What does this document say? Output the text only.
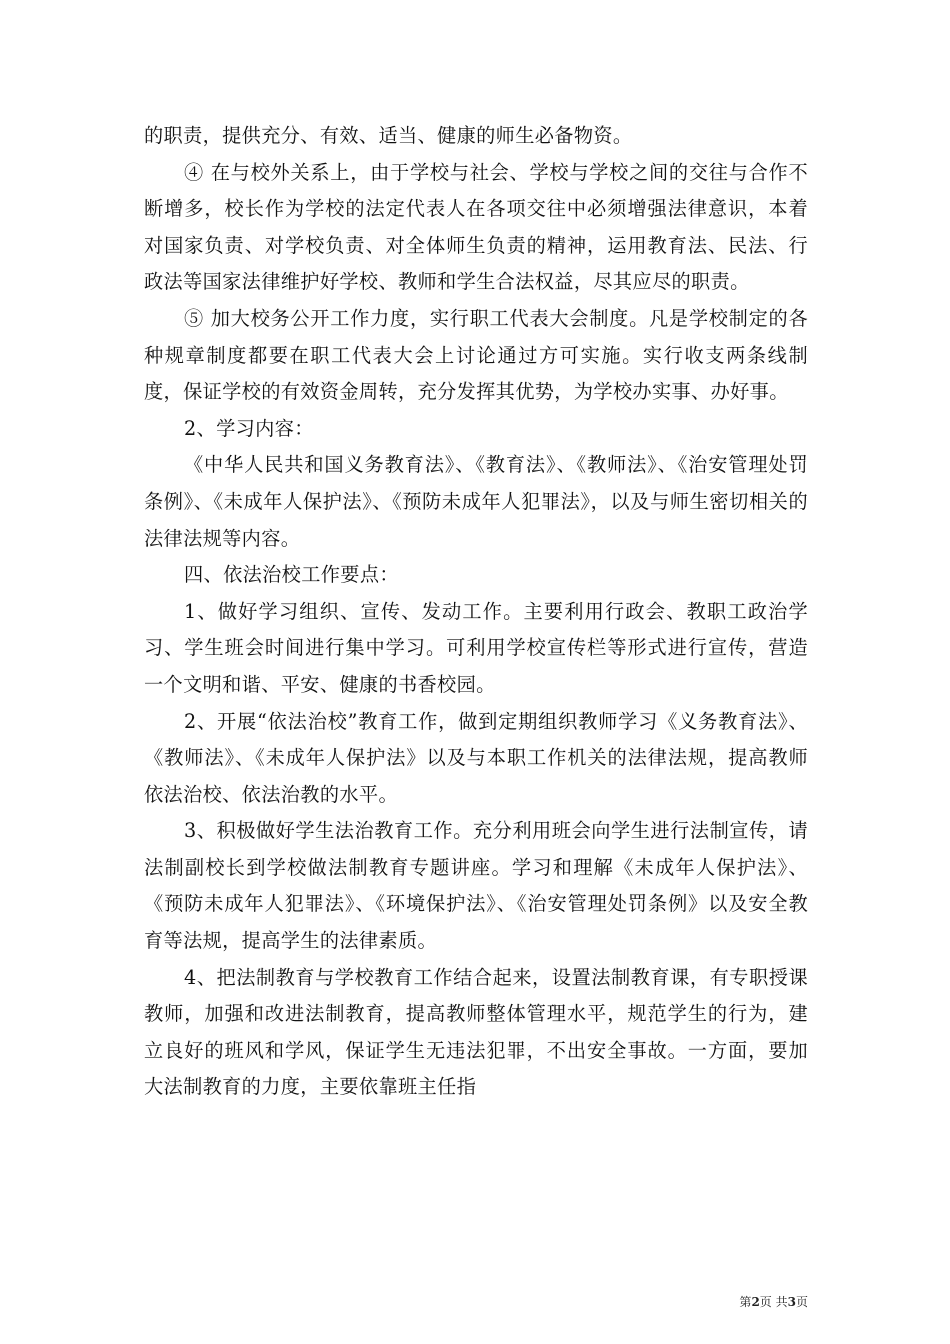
的职责，提供充分、有效、适当、健康的师生必备物资。

④ 在与校外关系上，由于学校与社会、学校与学校之间的交往与合作不断增多，校长作为学校的法定代表人在各项交往中必须增强法律意识，本着对国家负责、对学校负责、对全体师生负责的精神，运用教育法、民法、行政法等国家法律维护好学校、教师和学生合法权益，尽其应尽的职责。

⑤ 加大校务公开工作力度，实行职工代表大会制度。凡是学校制定的各种规章制度都要在职工代表大会上讨论通过方可实施。实行收支两条线制度，保证学校的有效资金周转，充分发挥其优势，为学校办实事、办好事。

2、学习内容：

《中华人民共和国义务教育法》、《教育法》、《教师法》、《治安管理处罚条例》、《未成年人保护法》、《预防未成年人犯罪法》，以及与师生密切相关的法律法规等内容。

四、依法治校工作要点：

1、做好学习组织、宣传、发动工作。主要利用行政会、教职工政治学习、学生班会时间进行集中学习。可利用学校宣传栏等形式进行宣传，营造一个文明和谐、平安、健康的书香校园。

2、开展“依法治校”教育工作，做到定期组织教师学习《义务教育法》、《教师法》、《未成年人保护法》以及与本职工作机关的法律法规，提高教师依法治校、依法治教的水平。

3、积极做好学生法治教育工作。充分利用班会向学生进行法制宣传，请法制副校长到学校做法制教育专题讲座。学习和理解《未成年人保护法》、《预防未成年人犯罪法》、《环境保护法》、《治安管理处罚条例》以及安全教育等法规，提高学生的法律素质。

4、把法制教育与学校教育工作结合起来，设置法制教育课，有专职授课教师，加强和改进法制教育，提高教师整体管理水平，规范学生的行为，建立良好的班风和学风，保证学生无违法犯罪，不出安全事故。一方面，要加大法制教育的力度，主要依靠班主任指

第2页 共3页
